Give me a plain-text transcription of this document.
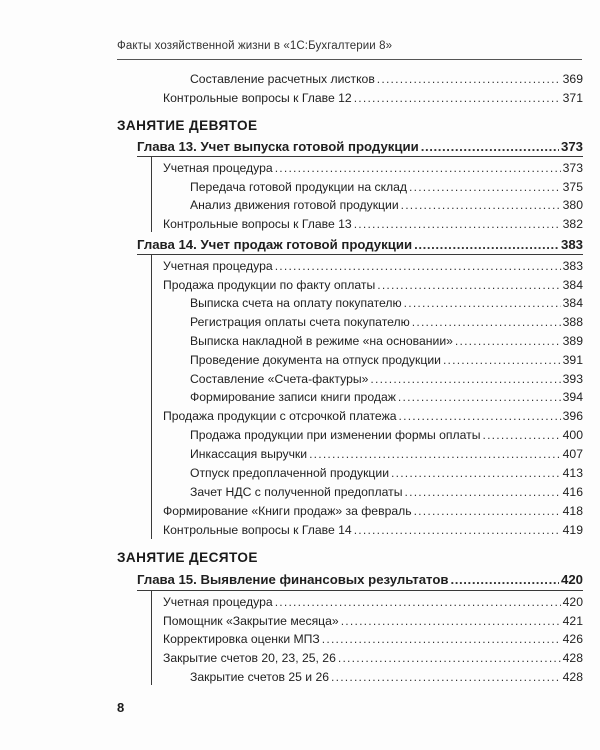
Факты хозяйственной жизни в «1С:Бухгалтерии 8»
Составление расчетных листков .....	369
Контрольные вопросы к Главе 12 .....	371
ЗАНЯТИЕ ДЕВЯТОЕ
Глава 13. Учет выпуска готовой продукции .....	373
Учетная процедура .....	373
Передача готовой продукции на склад .....	375
Анализ движения готовой продукции .....	380
Контрольные вопросы к Главе 13 .....	382
Глава 14. Учет продаж готовой продукции .....	383
Учетная процедура .....	383
Продажа продукции по факту оплаты .....	384
Выписка счета на оплату покупателю .....	384
Регистрация оплаты счета покупателю .....	388
Выписка накладной в режиме «на основании» .....	389
Проведение документа на отпуск продукции .....	391
Составление «Счета-фактуры» .....	393
Формирование записи книги продаж .....	394
Продажа продукции с отсрочкой платежа .....	396
Продажа продукции при изменении формы оплаты .....	400
Инкассация выручки .....	407
Отпуск предоплаченной продукции .....	413
Зачет НДС с полученной предоплаты .....	416
Формирование «Книги продаж» за февраль .....	418
Контрольные вопросы к Главе 14 .....	419
ЗАНЯТИЕ ДЕСЯТОЕ
Глава 15. Выявление финансовых результатов .....	420
Учетная процедура .....	420
Помощник «Закрытие месяца» .....	421
Корректировка оценки МПЗ .....	426
Закрытие счетов 20, 23, 25, 26 .....	428
Закрытие счетов 25 и 26 .....	428
8
